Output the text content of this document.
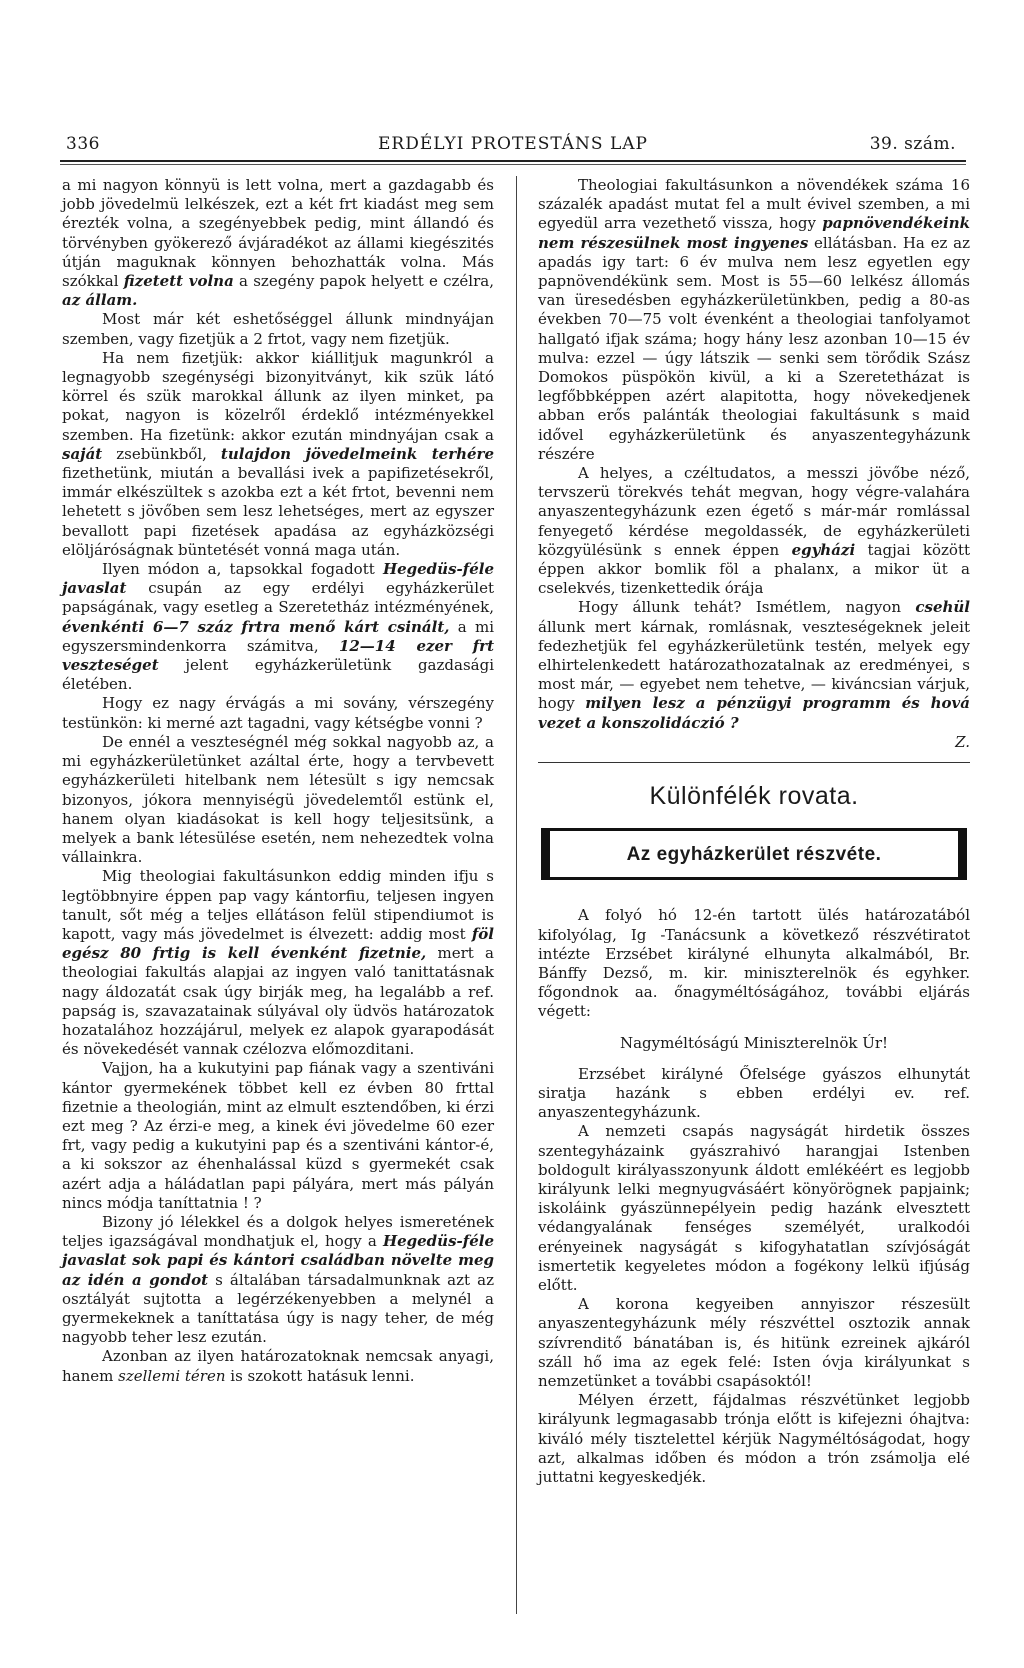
336	ERDÉLYI PROTESTÁNS LAP	39. szám.

a mi nagyon könnyü is lett volna, mert a gazdagabb és jobb jövedelmü lelkészek, ezt a két frt kiadást meg sem érezték volna, a szegényebbek pedig, mint állandó és törvényben gyökerező ávjáradékot az állami kiegészités útján maguknak könnyen behozhatták volna. Más szókkal fizetett volna a szegény papok helyett e czélra, az állam.

Most már két eshetőséggel állunk mindnyájan szemben, vagy fizetjük a 2 frtot, vagy nem fizetjük.

Ha nem fizetjük: akkor kiállitjuk magunkról a legnagyobb szegénységi bizonyitványt, kik szük látó körrel és szük marokkal állunk az ilyen minket, pa pokat, nagyon is közelről érdeklő intézményekkel szemben. Ha fizetünk: akkor ezután mindnyájan csak a saját zsebünkből, tulajdon jövedelmeink terhére fizethetünk, miután a bevallási ivek a papifizetésekről, immár elkészültek s azokba ezt a két frtot, bevenni nem lehetett s jövőben sem lesz lehetséges, mert az egyszer bevallott papi fizetések apadása az egyházközségi elöljáróságnak büntetését vonná maga után.

Ilyen módon a, tapsokkal fogadott Hegedüs-féle javaslat csupán az egy erdélyi egyházkerület papságának, vagy esetleg a Szeretetház intézményének, évenkénti 6—7 száz frtra menő kárt csinált, a mi egyszersmindenkorra számitva, 12—14 ezer frt veszteséget jelent egyházkerületünk gazdasági életében.

Hogy ez nagy érvágás a mi sovány, vérszegény testünkön: ki merné azt tagadni, vagy kétségbe vonni ?

De ennél a veszteségnél még sokkal nagyobb az, a mi egyházkerületünket azáltal érte, hogy a tervbevett egyházkerületi hitelbank nem létesült s igy nemcsak bizonyos, jókora mennyiségü jövedelemtől estünk el, hanem olyan kiadásokat is kell hogy teljesitsünk, a melyek a bank létesülése esetén, nem nehezedtek volna vállainkra.

Mig theologiai fakultásunkon eddig minden ifju s legtöbbnyire éppen pap vagy kántorfiu, teljesen ingyen tanult, sőt még a teljes ellátáson felül stipendiumot is kapott, vagy más jövedelmet is élvezett: addig most föl egész 80 frtig is kell évenként fizetnie, mert a theologiai fakultás alapjai az ingyen való tanittatásnak nagy áldozatát csak úgy birják meg, ha legalább a ref. papság is, szavazatainak súlyával oly üdvös határozatok hozatalához hozzájárul, melyek ez alapok gyarapodását és növekedését vannak czélozva előmozditani.

Vajjon, ha a kukutyini pap fiának vagy a szentiváni kántor gyermekének többet kell ez évben 80 frttal fizetnie a theologián, mint az elmult esztendőben, ki érzi ezt meg ? Az érzi-e meg, a kinek évi jövedelme 60 ezer frt, vagy pedig a kukutyini pap és a szentiváni kántor-é, a ki sokszor az éhenhalással küzd s gyermekét csak azért adja a háládatlan papi pályára, mert más pályán nincs módja taníttatnia ! ?

Bizony jó lélekkel és a dolgok helyes ismeretének teljes igazságával mondhatjuk el, hogy a Hegedüs-féle javaslat sok papi és kántori családban növelte meg az idén a gondot s általában társadalmunknak azt az osztályát sujtotta a legérzékenyebben a melynél a gyermekeknek a taníttatása úgy is nagy teher, de még nagyobb teher lesz ezután.

Azonban az ilyen határozatoknak nemcsak anyagi, hanem szellemi téren is szokott hatásuk lenni.

Theologiai fakultásunkon a növendékek száma 16 százalék apadást mutat fel a mult évivel szemben, a mi egyedül arra vezethető vissza, hogy papnövendékeink nem részesülnek most ingyenes ellátásban. Ha ez az apadás igy tart: 6 év mulva nem lesz egyetlen egy papnövendékünk sem. Most is 55—60 lelkész állomás van üresedésben egyházkerületünkben, pedig a 80-as években 70—75 volt évenként a theologiai tanfolyamot hallgató ifjak száma; hogy hány lesz azonban 10—15 év mulva: ezzel — úgy látszik — senki sem törődik Szász Domokos püspökön kivül, a ki a Szeretetházat is legfőbbképpen azért alapitotta, hogy növekedjenek abban erős palánták theologiai fakultásunk s maid idővel egyházkerületünk és anyaszentegyházunk részére

A helyes, a czéltudatos, a messzi jövőbe néző, tervszerü törekvés tehát megvan, hogy végre-valahára anyaszentegyházunk ezen égető s már-már romlással fenyegető kérdése megoldassék, de egyházkerületi közgyülésünk s ennek éppen egyházi tagjai között éppen akkor bomlik föl a phalanx, a mikor üt a cselekvés, tizenkettedik órája

Hogy állunk tehát? Ismétlem, nagyon csehül állunk mert kárnak, romlásnak, veszteségeknek jeleit fedezhetjük fel egyházkerületünk testén, melyek egy elhirtelenkedett határozathozatalnak az eredményei, s most már, — egyebet nem tehetve, — kiváncsian várjuk, hogy milyen lesz a pénzügyi programm és hová vezet a konszolidáczió ?

Z.

Különfélék rovata.
Az egyházkerület részvéte.

A folyó hó 12-én tartott ülés határozatából kifolyólag, Ig -Tanácsunk a következő részvétiratot intézte Erzsébet királyné elhunyta alkalmából, Br. Bánffy Dezső, m. kir. miniszterelnök és egyhker. főgondnok aa. őnagyméltóságához, további eljárás végett:

Nagyméltóságú Miniszterelnök Úr!

Erzsébet királyné Őfelsége gyászos elhunytát siratja hazánk s ebben erdélyi ev. ref. anyaszentegyházunk.

A nemzeti csapás nagyságát hirdetik összes szentegyházaink gyászrahivó harangjai Istenben boldogult királyasszonyunk áldott emlékéért es legjobb királyunk lelki megnyugvásáért könyörögnek papjaink; iskoláink gyászünnepélyein pedig hazánk elvesztett védangyalának fenséges személyét, uralkodói erényeinek nagyságát s kifogyhatatlan szívjóságát ismertetik kegyeletes módon a fogékony lelkü ifjúság előtt.

A korona kegyeiben annyiszor részesült anyaszentegyházunk mély részvéttel osztozik annak szívrenditő bánatában is, és hitünk ezreinek ajkáról száll hő ima az egek felé: Isten óvja királyunkat s nemzetünket a további csapásoktól!

Mélyen érzett, fájdalmas részvétünket legjobb királyunk legmagasabb trónja előtt is kifejezni óhajtva: kiváló mély tisztelettel kérjük Nagyméltóságodat, hogy azt, alkalmas időben és módon a trón zsámolja elé juttatni kegyeskedjék.
